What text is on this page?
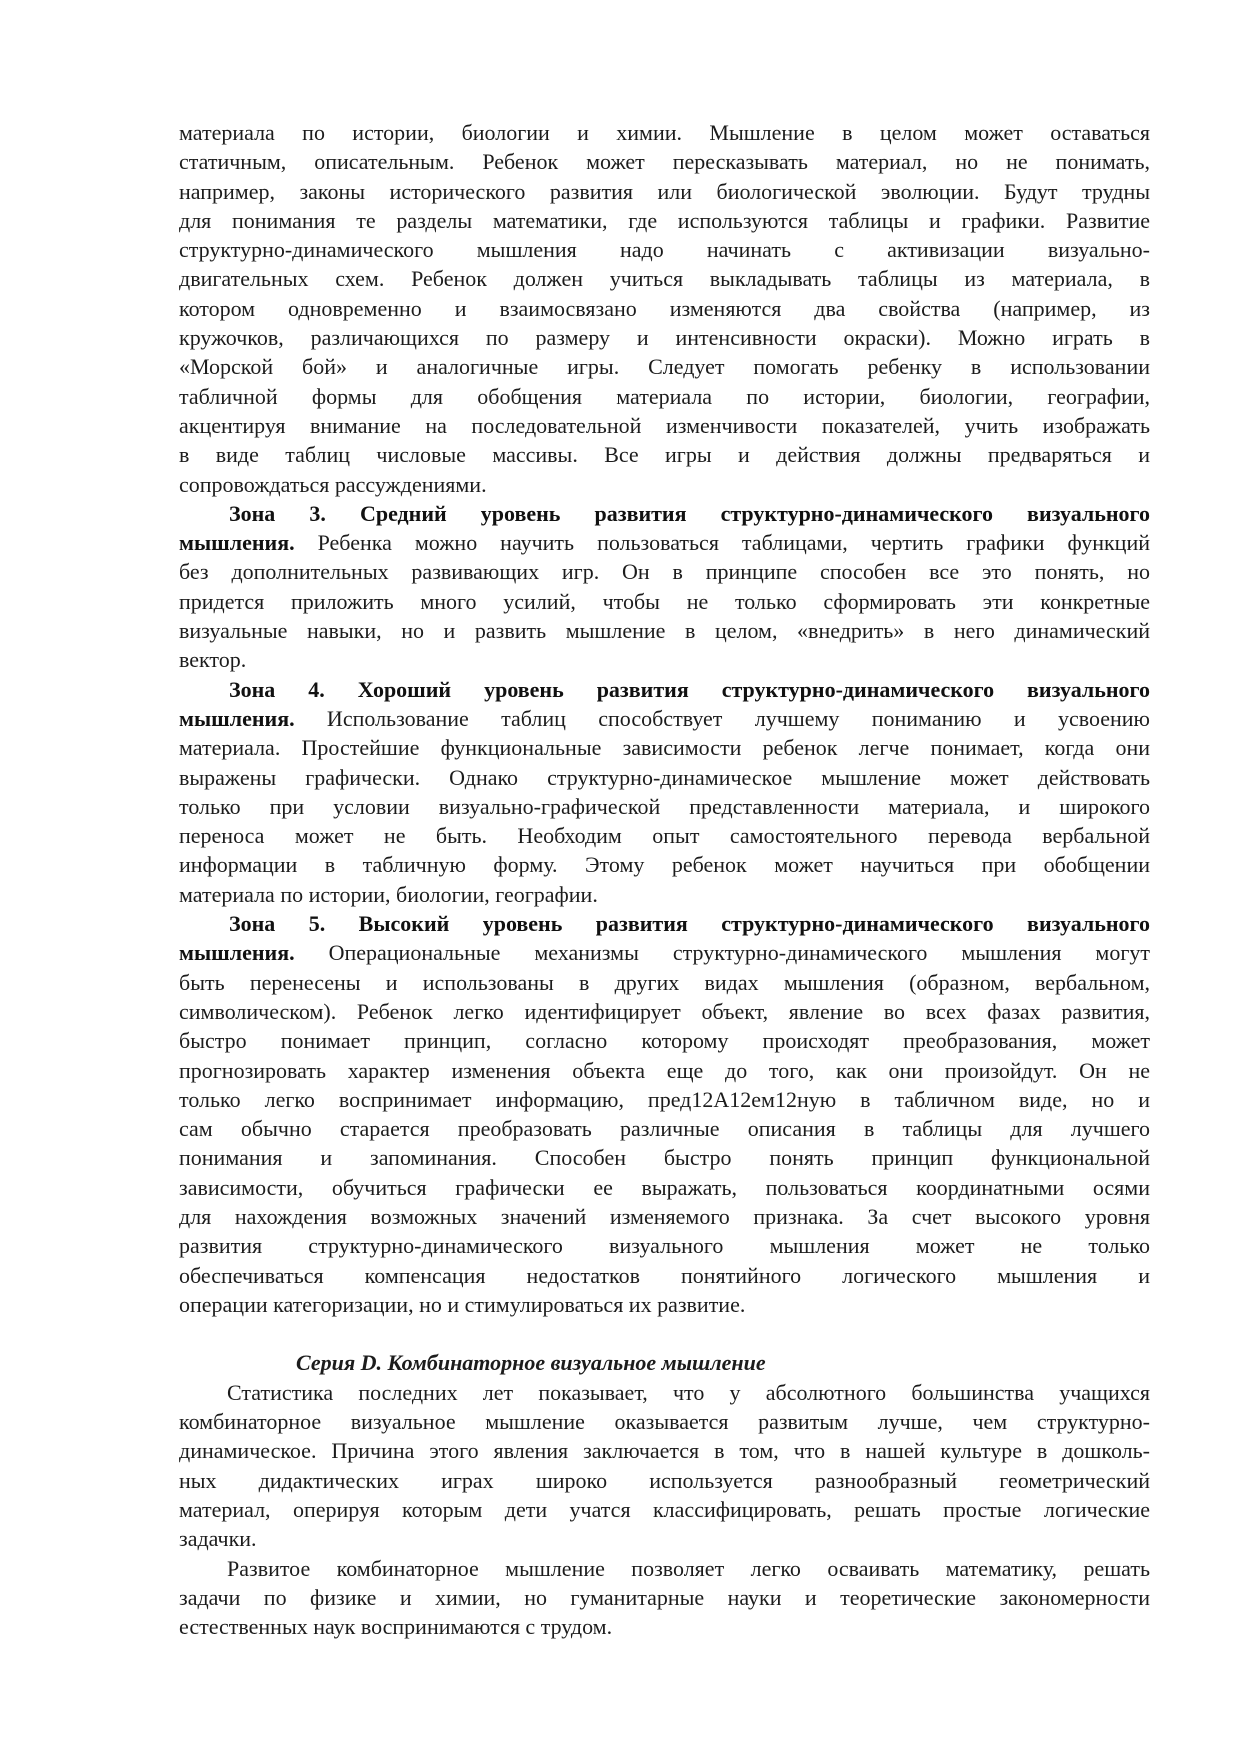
материала по истории, биологии и химии. Мышление в целом может оставаться
статичным, описательным. Ребенок может пересказывать материал, но не понимать,
например, законы исторического развития или биологической эволюции. Будут трудны
для понимания те разделы математики, где используются таблицы и графики. Развитие
структурно-динамического мышления надо начинать с активизации визуально-
двигательных схем. Ребенок должен учиться выкладывать таблицы из материала, в
котором одновременно и взаимосвязано изменяются два свойства (например, из
кружочков, различающихся по размеру и интенсивности окраски). Можно играть в
«Морской бой» и аналогичные игры. Следует помогать ребенку в использовании
табличной формы для обобщения материала по истории, биологии, географии,
акцентируя внимание на последовательной изменчивости показателей, учить изображать
в виде таблиц числовые массивы. Все игры и действия должны предваряться и
сопровождаться рассуждениями.
Зона 3. Средний уровень развития структурно-динамического визуального
мышления. Ребенка можно научить пользоваться таблицами, чертить графики функций
без дополнительных развивающих игр. Он в принципе способен все это понять, но
придется приложить много усилий, чтобы не только сформировать эти конкретные
визуальные навыки, но и развить мышление в целом, «внедрить» в него динамический
вектор.
Зона 4. Хороший уровень развития структурно-динамического визуального
мышления. Использование таблиц способствует лучшему пониманию и усвоению
материала. Простейшие функциональные зависимости ребенок легче понимает, когда они
выражены графически. Однако структурно-динамическое мышление может действовать
только при условии визуально-графической представленности материала, и широкого
переноса может не быть. Необходим опыт самостоятельного перевода вербальной
информации в табличную форму. Этому ребенок может научиться при обобщении
материала по истории, биологии, географии.
Зона 5. Высокий уровень развития структурно-динамического визуального
мышления. Операциональные механизмы структурно-динамического мышления могут
быть перенесены и использованы в других видах мышления (образном, вербальном,
символическом). Ребенок легко идентифицирует объект, явление во всех фазах развития,
быстро понимает принцип, согласно которому происходят преобразования, может
прогнозировать характер изменения объекта еще до того, как они произойдут. Он не
только легко воспринимает информацию, пред12А12ем12ную в табличном виде, но и
сам обычно старается преобразовать различные описания в таблицы для лучшего
понимания и запоминания. Способен быстро понять принцип функциональной
зависимости, обучиться графически ее выражать, пользоваться координатными осями
для нахождения возможных значений изменяемого признака. За счет высокого уровня
развития структурно-динамического визуального мышления может не только
обеспечиваться компенсация недостатков понятийного логического мышления и
операции категоризации, но и стимулироваться их развитие.
Серия D. Комбинаторное визуальное мышление
Статистика последних лет показывает, что у абсолютного большинства учащихся
комбинаторное визуальное мышление оказывается развитым лучше, чем структурно-
динамическое. Причина этого явления заключается в том, что в нашей культуре в дошколь-
ных дидактических играх широко используется разнообразный геометрический
материал, оперируя которым дети учатся классифицировать, решать простые логические
задачки.
Развитое комбинаторное мышление позволяет легко осваивать математику, решать
задачи по физике и химии, но гуманитарные науки и теоретические закономерности
естественных наук воспринимаются с трудом.
